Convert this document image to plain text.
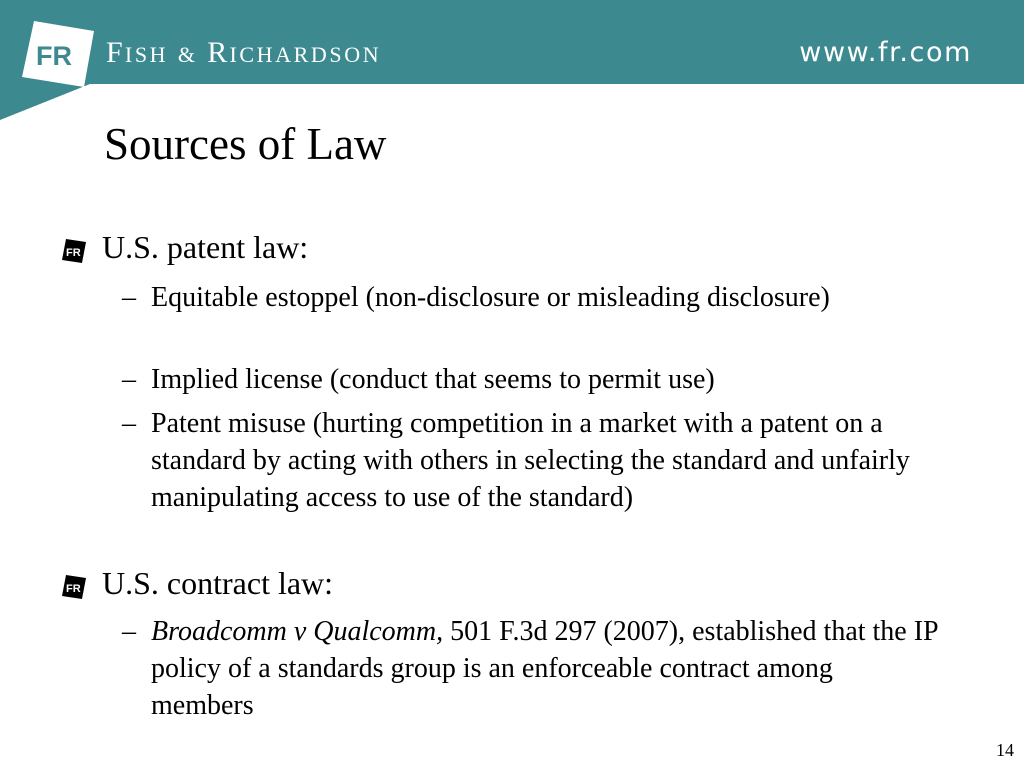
FR FISH & RICHARDSON	www.fr.com
Sources of Law
FR U.S. patent law:
– Equitable estoppel (non-disclosure or misleading disclosure)
– Implied license (conduct that seems to permit use)
– Patent misuse (hurting competition in a market with a patent on a standard by acting with others in selecting the standard and unfairly manipulating access to use of the standard)
FR U.S. contract law:
– Broadcomm v Qualcomm, 501 F.3d 297 (2007), established that the IP policy of a standards group is an enforceable contract among members
14
